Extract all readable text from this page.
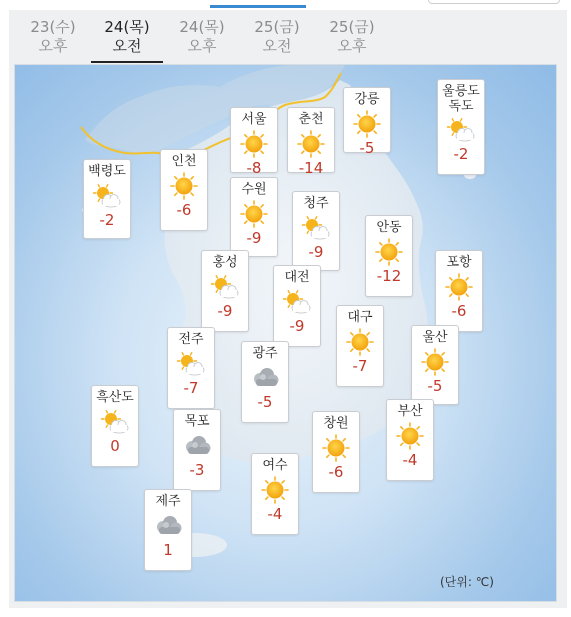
23(수)
오후
24(목)
오전
24(목)
오후
25(금)
오전
25(금)
오후
서울
-8
춘천
-14
강릉
-5
울릉도
독도
-2
백령도
-2
인천
-6
수원
-9
청주
-9
안동
-12
홍성
-9
대전
-9
포항
-6
대구
-7
전주
-7
광주
-5
울산
-5
흑산도
0
목포
-3
창원
-6
부산
-4
여수
-4
제주
1
(단위: ℃)
